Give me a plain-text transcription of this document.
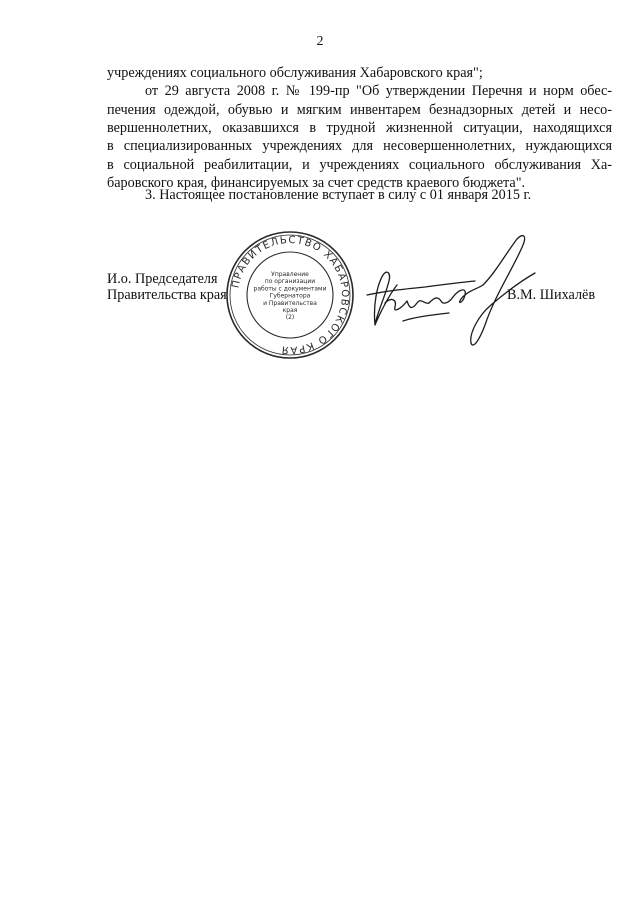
2
учреждениях социального обслуживания Хабаровского края";
от 29 августа 2008 г. № 199-пр "Об утверждении Перечня и норм обес-
печения одеждой, обувью и мягким инвентарем безнадзорных детей и несо-
вершеннолетних, оказавшихся в трудной жизненной ситуации, находящихся
в специализированных учреждениях для несовершеннолетних, нуждающихся
в социальной реабилитации, и учреждениях социального обслуживания Ха-
баровского края, финансируемых за счет средств краевого бюджета".
3. Настоящее постановление вступает в силу с 01 января 2015 г.
И.о. Председателя
Правительства края	В.М. Шихалёв
ПРАВИТЕЛЬСТВО ХАБАРОВСКОГО КРАЯ
Управление
по организации
работы с документами
Губернатора
и Правительства
края
(2)
